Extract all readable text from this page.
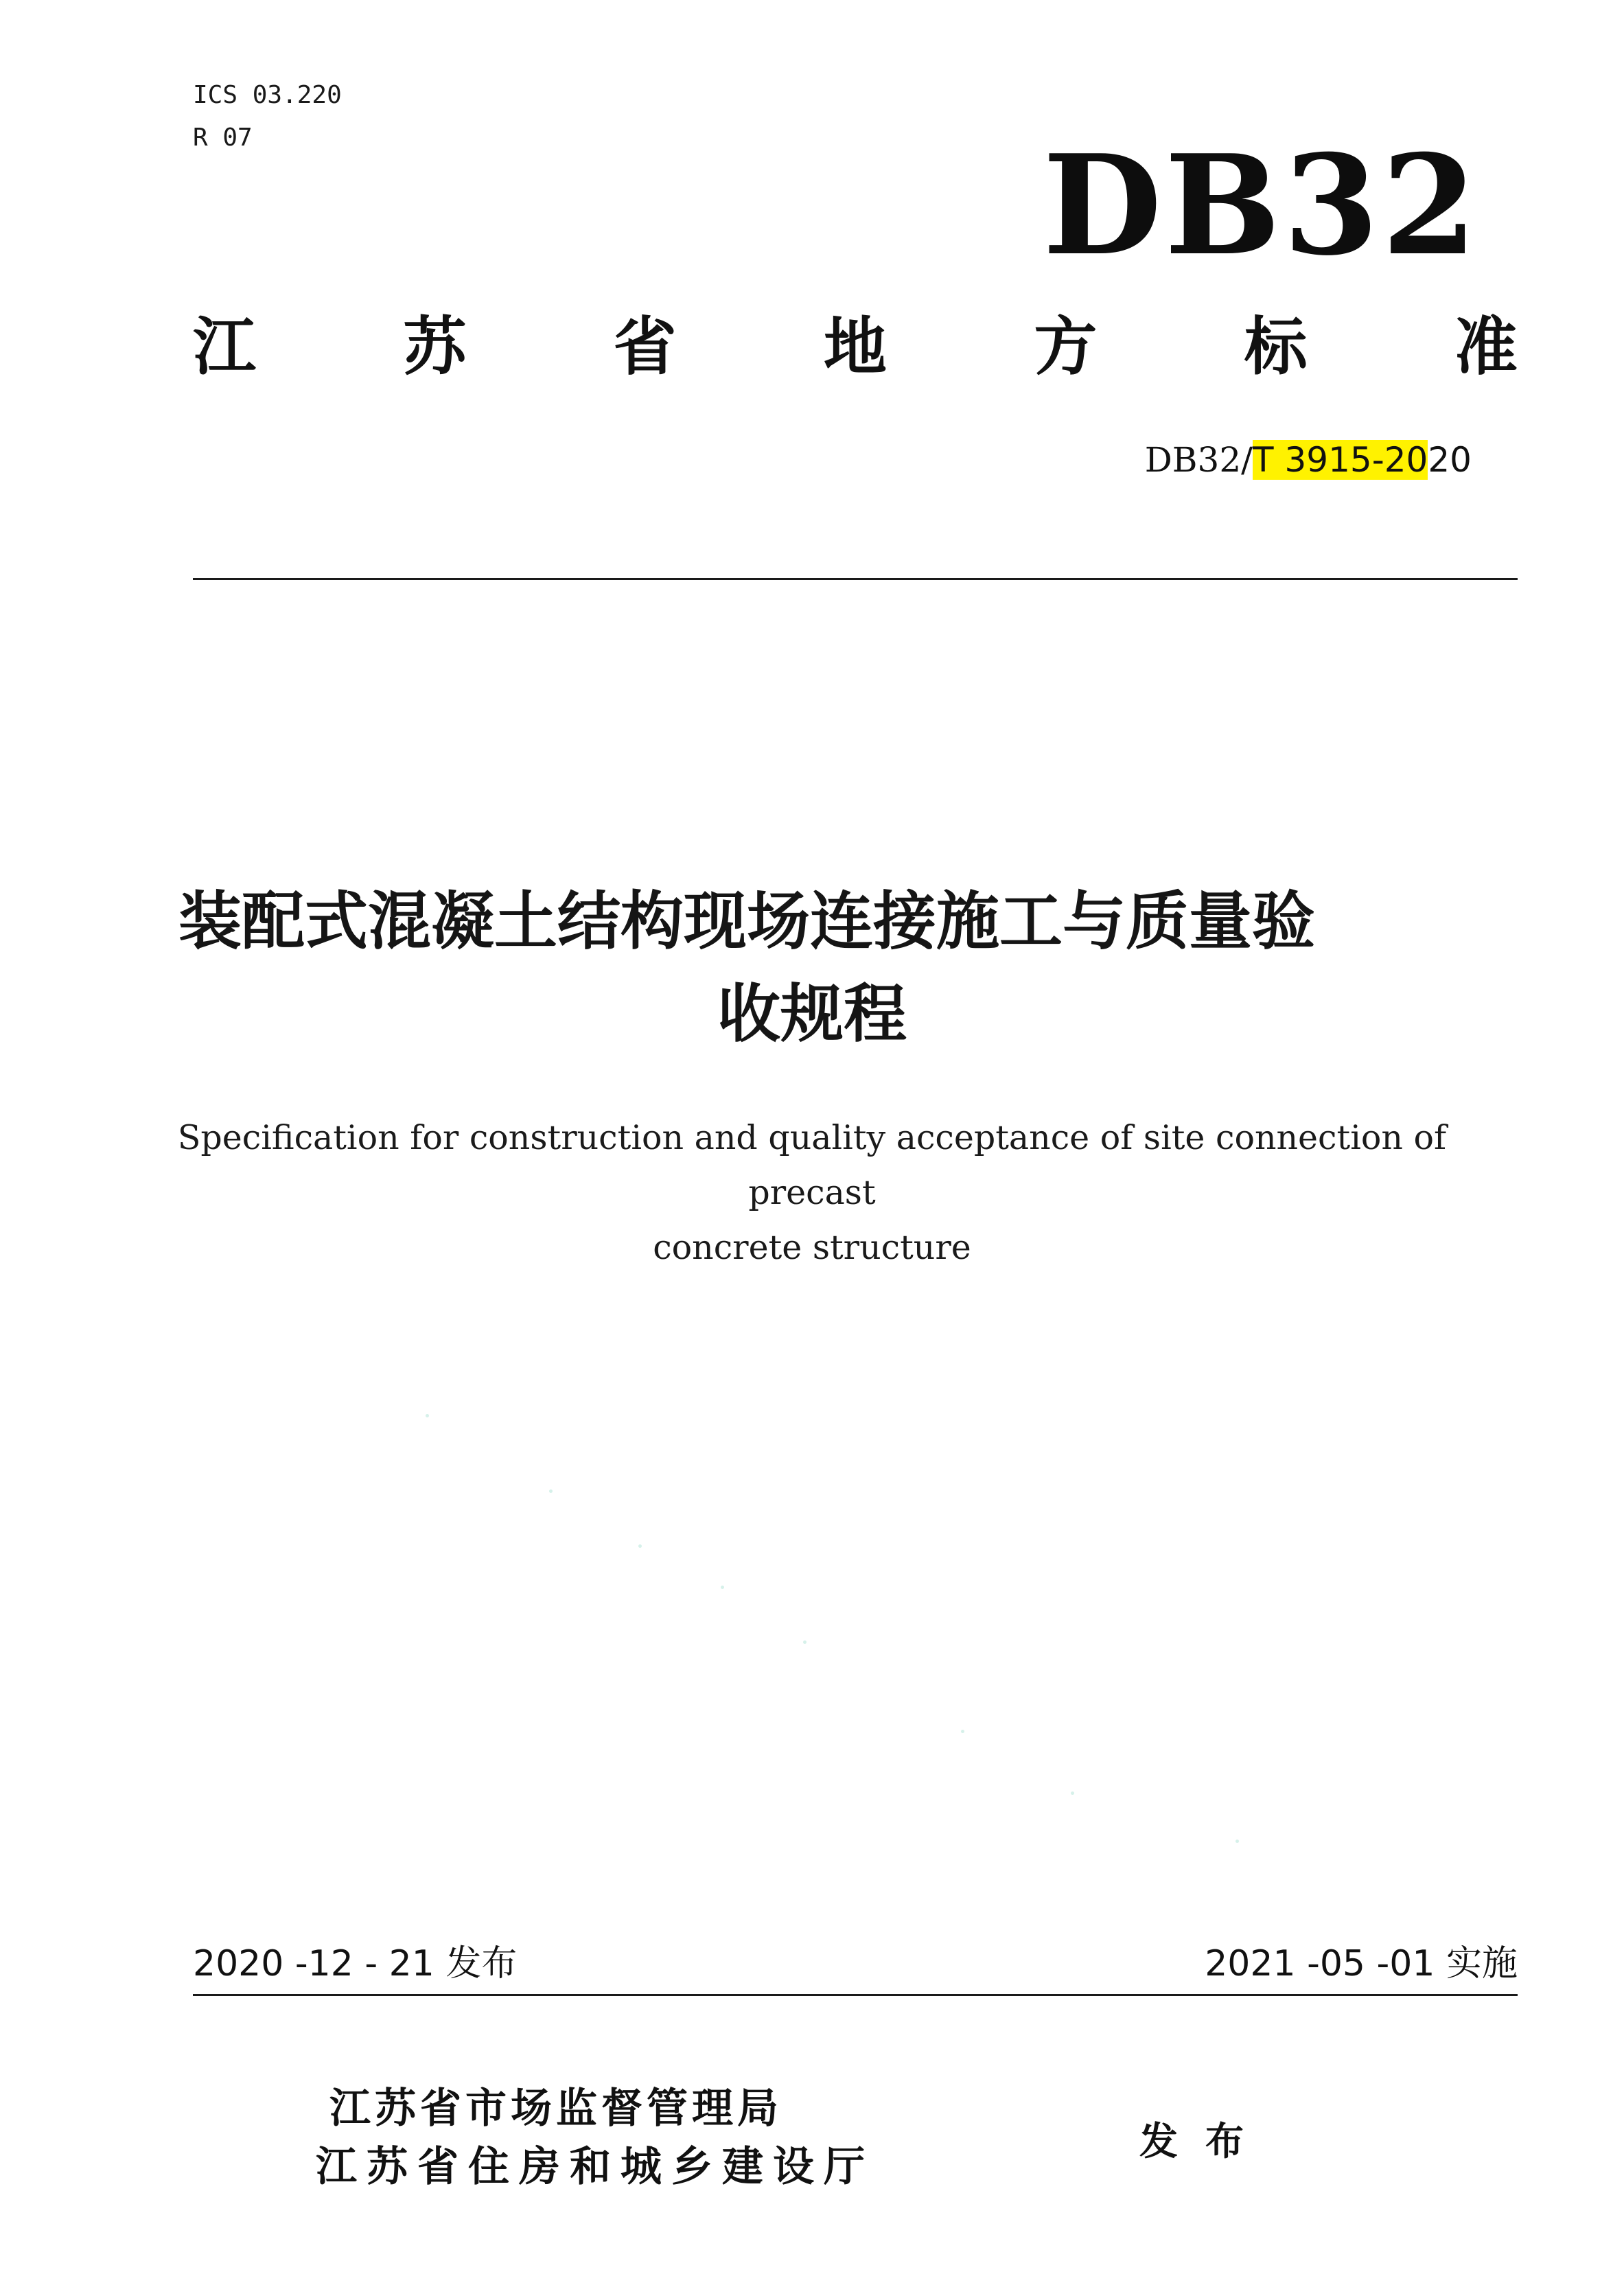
ICS 03.220
R 07	DB32
江 苏 省 地 方 标 准
DB32/T 3915-2020
装配式混凝土结构现场连接施工与质量验
收规程
Specification for construction and quality acceptance of site connection of precast
concrete structure
2020 -12 - 21 发布	2021 -05 -01 实施
江苏省市场监督管理局
江苏省住房和城乡建设厅
发布
